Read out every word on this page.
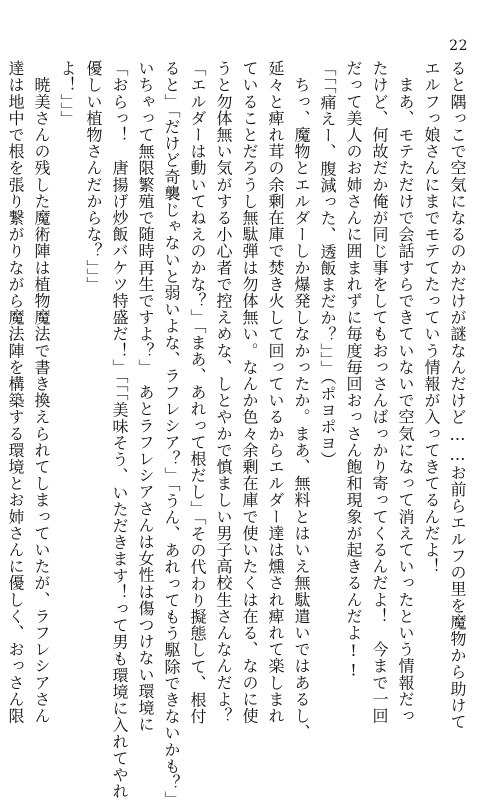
22

ると隅っこで空気になるのかだけが謎なんだけど……お前らエルフの里を魔物から助けて

エルフっ娘さんにまでモテてたっていう情報が入ってきてるんだよ！

　まあ、モテただけで会話すらできていないで空気になって消えていったという情報だっ

たけど、何故だか俺が同じ事をしてもおっさんばっかり寄ってくるんだよ！　今まで一回

だって美人のお姉さんに囲まれずに毎度毎回おっさん飽和現象が起きるんだよ!!

「「「痛えー、腹減った、透飯まだか？」」」（ポヨポヨ）

　ちっ、魔物とエルダーしか爆発しなかったか。まあ、無料とはいえ無駄遣いではあるし、

延々と痺れ茸の余剰在庫で焚き火して回っているからエルダー達は燻され痺れて楽しまれ

ていることだろうし無駄弾は勿体無い。なんか色々余剰在庫で使いたくは在る、なのに使

うと勿体無い気がする小心者で控えめな、しとやかで慎ましい男子高校生さんなんだよ？

「エルダーは動いてねえのかな？」「まあ、あれって根だし」「その代わり擬態して、根付

ると」「だけど奇襲じゃないと弱いよな、ラフレシア？」「うん、あれってもう駆除できないかも？」

いちゃって無限繁殖で随時再生ですよ？」　あとラフレシアさんは女性は傷つけない環境に

「おらっ！　唐揚げ炒飯バケツ特盛だ！」「「「美味そう、いただきます！って男も環境に入れてやれ

優しい植物さんだからな？」」」

よ！」」」

　暁美さんの残した魔術陣は植物魔法で書き換えられてしまっていたが、ラフレシアさん

達は地中で根を張り繋がりながら魔法陣を構築する環境とお姉さんに優しく、おっさん限
